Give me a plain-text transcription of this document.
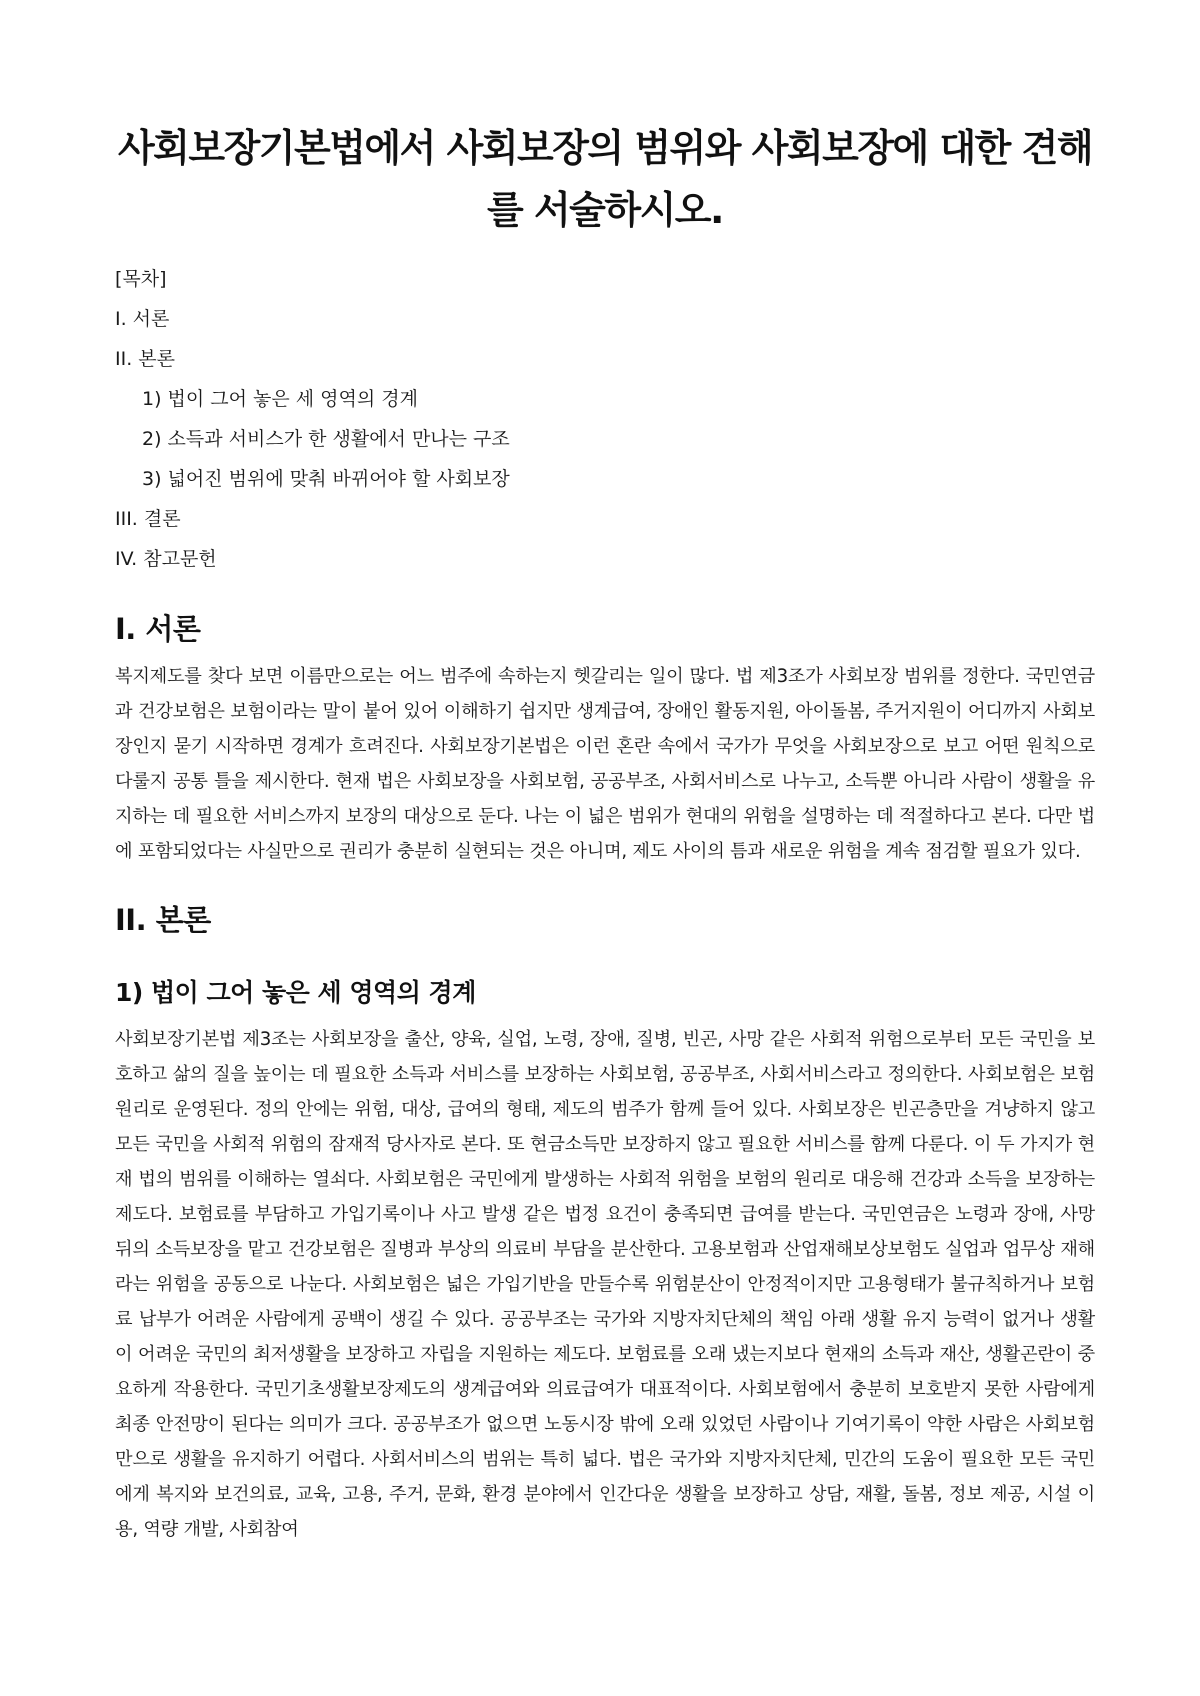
사회보장기본법에서 사회보장의 범위와 사회보장에 대한 견해를 서술하시오.

[목차]

I. 서론

II. 본론

1) 법이 그어 놓은 세 영역의 경계

2) 소득과 서비스가 한 생활에서 만나는 구조

3) 넓어진 범위에 맞춰 바뀌어야 할 사회보장

III. 결론

IV. 참고문헌

I. 서론

복지제도를 찾다 보면 이름만으로는 어느 범주에 속하는지 헷갈리는 일이 많다. 법 제3조가 사회보장 범위를 정한다. 국민연금과 건강보험은 보험이라는 말이 붙어 있어 이해하기 쉽지만 생계급여, 장애인 활동지원, 아이돌봄, 주거지원이 어디까지 사회보장인지 묻기 시작하면 경계가 흐려진다. 사회보장기본법은 이런 혼란 속에서 국가가 무엇을 사회보장으로 보고 어떤 원칙으로 다룰지 공통 틀을 제시한다. 현재 법은 사회보장을 사회보험, 공공부조, 사회서비스로 나누고, 소득뿐 아니라 사람이 생활을 유지하는 데 필요한 서비스까지 보장의 대상으로 둔다. 나는 이 넓은 범위가 현대의 위험을 설명하는 데 적절하다고 본다. 다만 법에 포함되었다는 사실만으로 권리가 충분히 실현되는 것은 아니며, 제도 사이의 틈과 새로운 위험을 계속 점검할 필요가 있다.

II. 본론
1) 법이 그어 놓은 세 영역의 경계

사회보장기본법 제3조는 사회보장을 출산, 양육, 실업, 노령, 장애, 질병, 빈곤, 사망 같은 사회적 위험으로부터 모든 국민을 보호하고 삶의 질을 높이는 데 필요한 소득과 서비스를 보장하는 사회보험, 공공부조, 사회서비스라고 정의한다. 사회보험은 보험 원리로 운영된다. 정의 안에는 위험, 대상, 급여의 형태, 제도의 범주가 함께 들어 있다. 사회보장은 빈곤층만을 겨냥하지 않고 모든 국민을 사회적 위험의 잠재적 당사자로 본다. 또 현금소득만 보장하지 않고 필요한 서비스를 함께 다룬다. 이 두 가지가 현재 법의 범위를 이해하는 열쇠다. 사회보험은 국민에게 발생하는 사회적 위험을 보험의 원리로 대응해 건강과 소득을 보장하는 제도다. 보험료를 부담하고 가입기록이나 사고 발생 같은 법정 요건이 충족되면 급여를 받는다. 국민연금은 노령과 장애, 사망 뒤의 소득보장을 맡고 건강보험은 질병과 부상의 의료비 부담을 분산한다. 고용보험과 산업재해보상보험도 실업과 업무상 재해라는 위험을 공동으로 나눈다. 사회보험은 넓은 가입기반을 만들수록 위험분산이 안정적이지만 고용형태가 불규칙하거나 보험료 납부가 어려운 사람에게 공백이 생길 수 있다. 공공부조는 국가와 지방자치단체의 책임 아래 생활 유지 능력이 없거나 생활이 어려운 국민의 최저생활을 보장하고 자립을 지원하는 제도다. 보험료를 오래 냈는지보다 현재의 소득과 재산, 생활곤란이 중요하게 작용한다. 국민기초생활보장제도의 생계급여와 의료급여가 대표적이다. 사회보험에서 충분히 보호받지 못한 사람에게 최종 안전망이 된다는 의미가 크다. 공공부조가 없으면 노동시장 밖에 오래 있었던 사람이나 기여기록이 약한 사람은 사회보험만으로 생활을 유지하기 어렵다. 사회서비스의 범위는 특히 넓다. 법은 국가와 지방자치단체, 민간의 도움이 필요한 모든 국민에게 복지와 보건의료, 교육, 고용, 주거, 문화, 환경 분야에서 인간다운 생활을 보장하고 상담, 재활, 돌봄, 정보 제공, 시설 이용, 역량 개발, 사회참여
